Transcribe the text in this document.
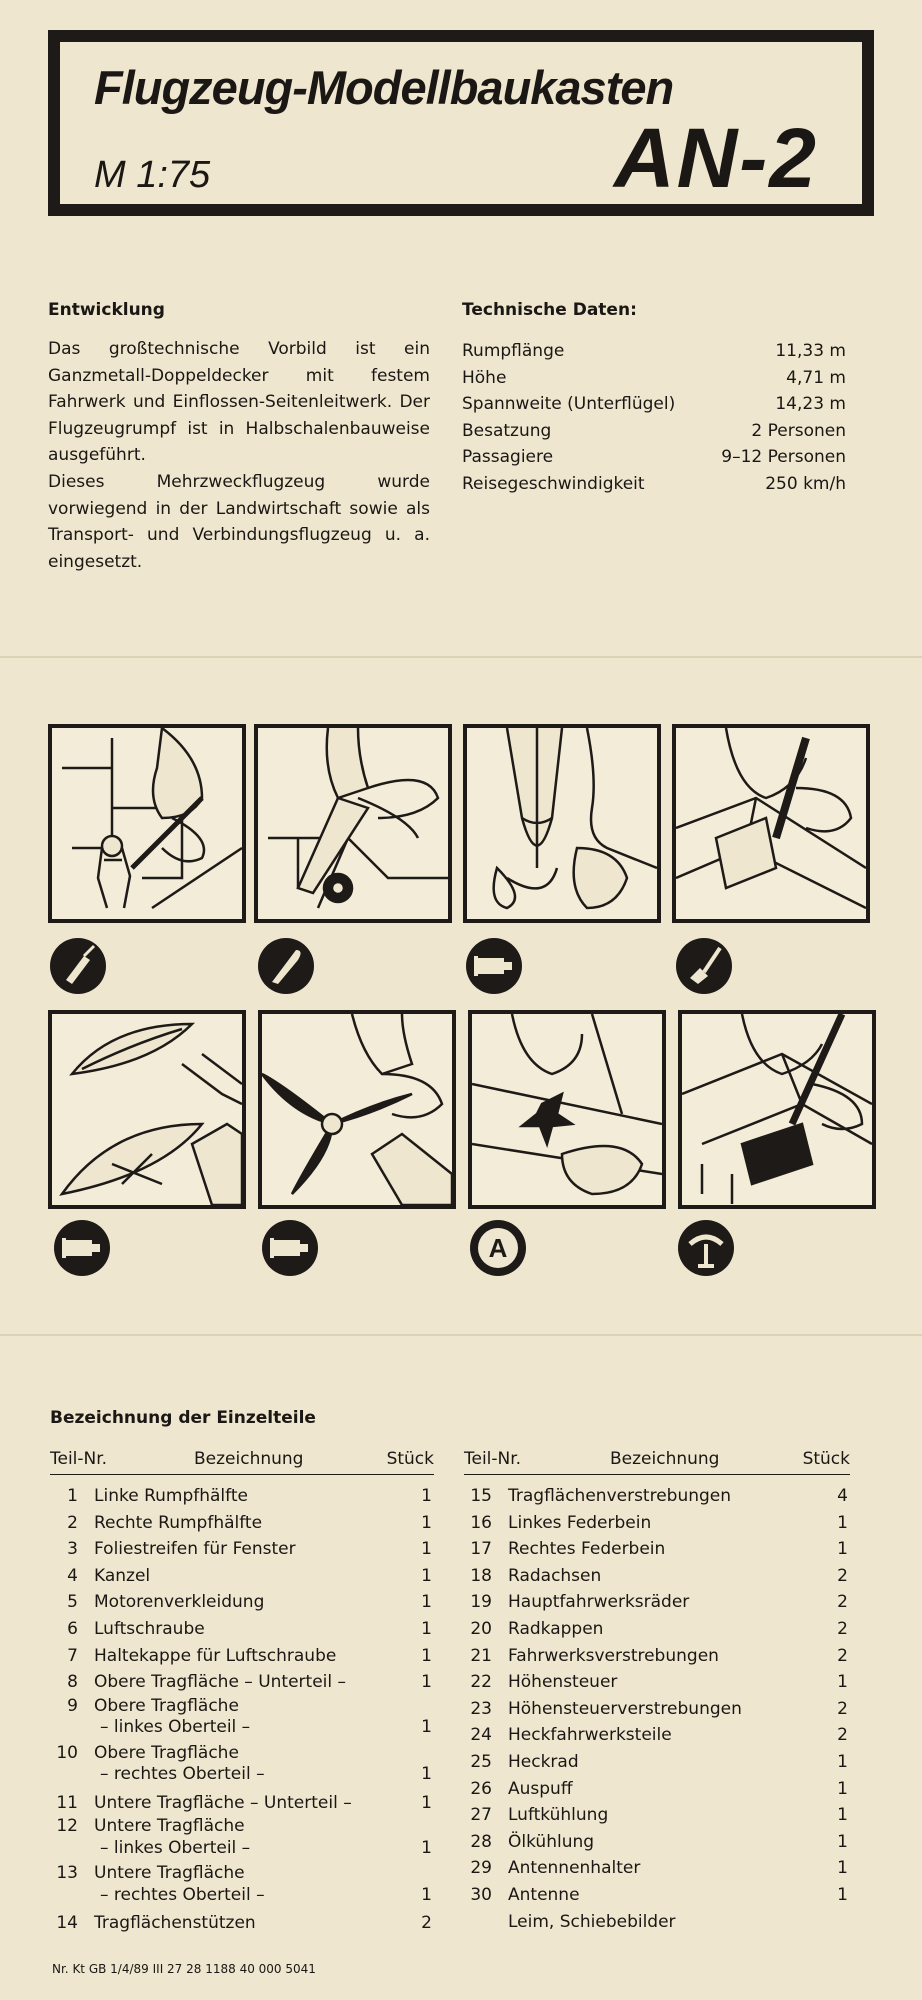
Flugzeug-Modellbaukasten
M 1:75	AN-2
Entwicklung

Das großtechnische Vorbild ist ein Ganzmetall-Doppeldecker mit festem Fahrwerk und Einflossen-Seitenleitwerk. Der Flugzeugrumpf ist in Halbschalenbauweise ausgeführt.

Dieses Mehrzweckflugzeug wurde vorwiegend in der Landwirtschaft sowie als Transport- und Verbindungsflugzeug u. a. eingesetzt.

Technische Daten:
Rumpflänge	11,33 m
Höhe	4,71 m
Spannweite (Unterflügel)	14,23 m
Besatzung	2 Personen
Passagiere	9–12 Personen
Reisegeschwindigkeit	250 km/h
A
Bezeichnung der Einzelteile
Teil-Nr.	Bezeichnung	Stück
1 Linke Rumpfhälfte	1
2 Rechte Rumpfhälfte	1
3 Foliestreifen für Fenster	1
4 Kanzel	1
5 Motorenverkleidung	1
6 Luftschraube	1
7 Haltekappe für Luftschraube	1
8 Obere Tragfläche – Unterteil –	1
9 Obere Tragfläche
– linkes Oberteil –	1
10 Obere Tragfläche
– rechtes Oberteil –	1
11 Untere Tragfläche – Unterteil –	1
12 Untere Tragfläche
– linkes Oberteil –	1
13 Untere Tragfläche
– rechtes Oberteil –	1
14 Tragflächenstützen	2
Teil-Nr.	Bezeichnung	Stück
15 Tragflächenverstrebungen	4
16 Linkes Federbein	1
17 Rechtes Federbein	1
18 Radachsen	2
19 Hauptfahrwerksräder	2
20 Radkappen	2
21 Fahrwerksverstrebungen	2
22 Höhensteuer	1
23 Höhensteuerverstrebungen	2
24 Heckfahrwerksteile	2
25 Heckrad	1
26 Auspuff	1
27 Luftkühlung	1
28 Ölkühlung	1
29 Antennenhalter	1
30 Antenne	1
Leim, Schiebebilder
Nr. Kt GB 1/4/89 III 27 28 1188 40 000 5041
